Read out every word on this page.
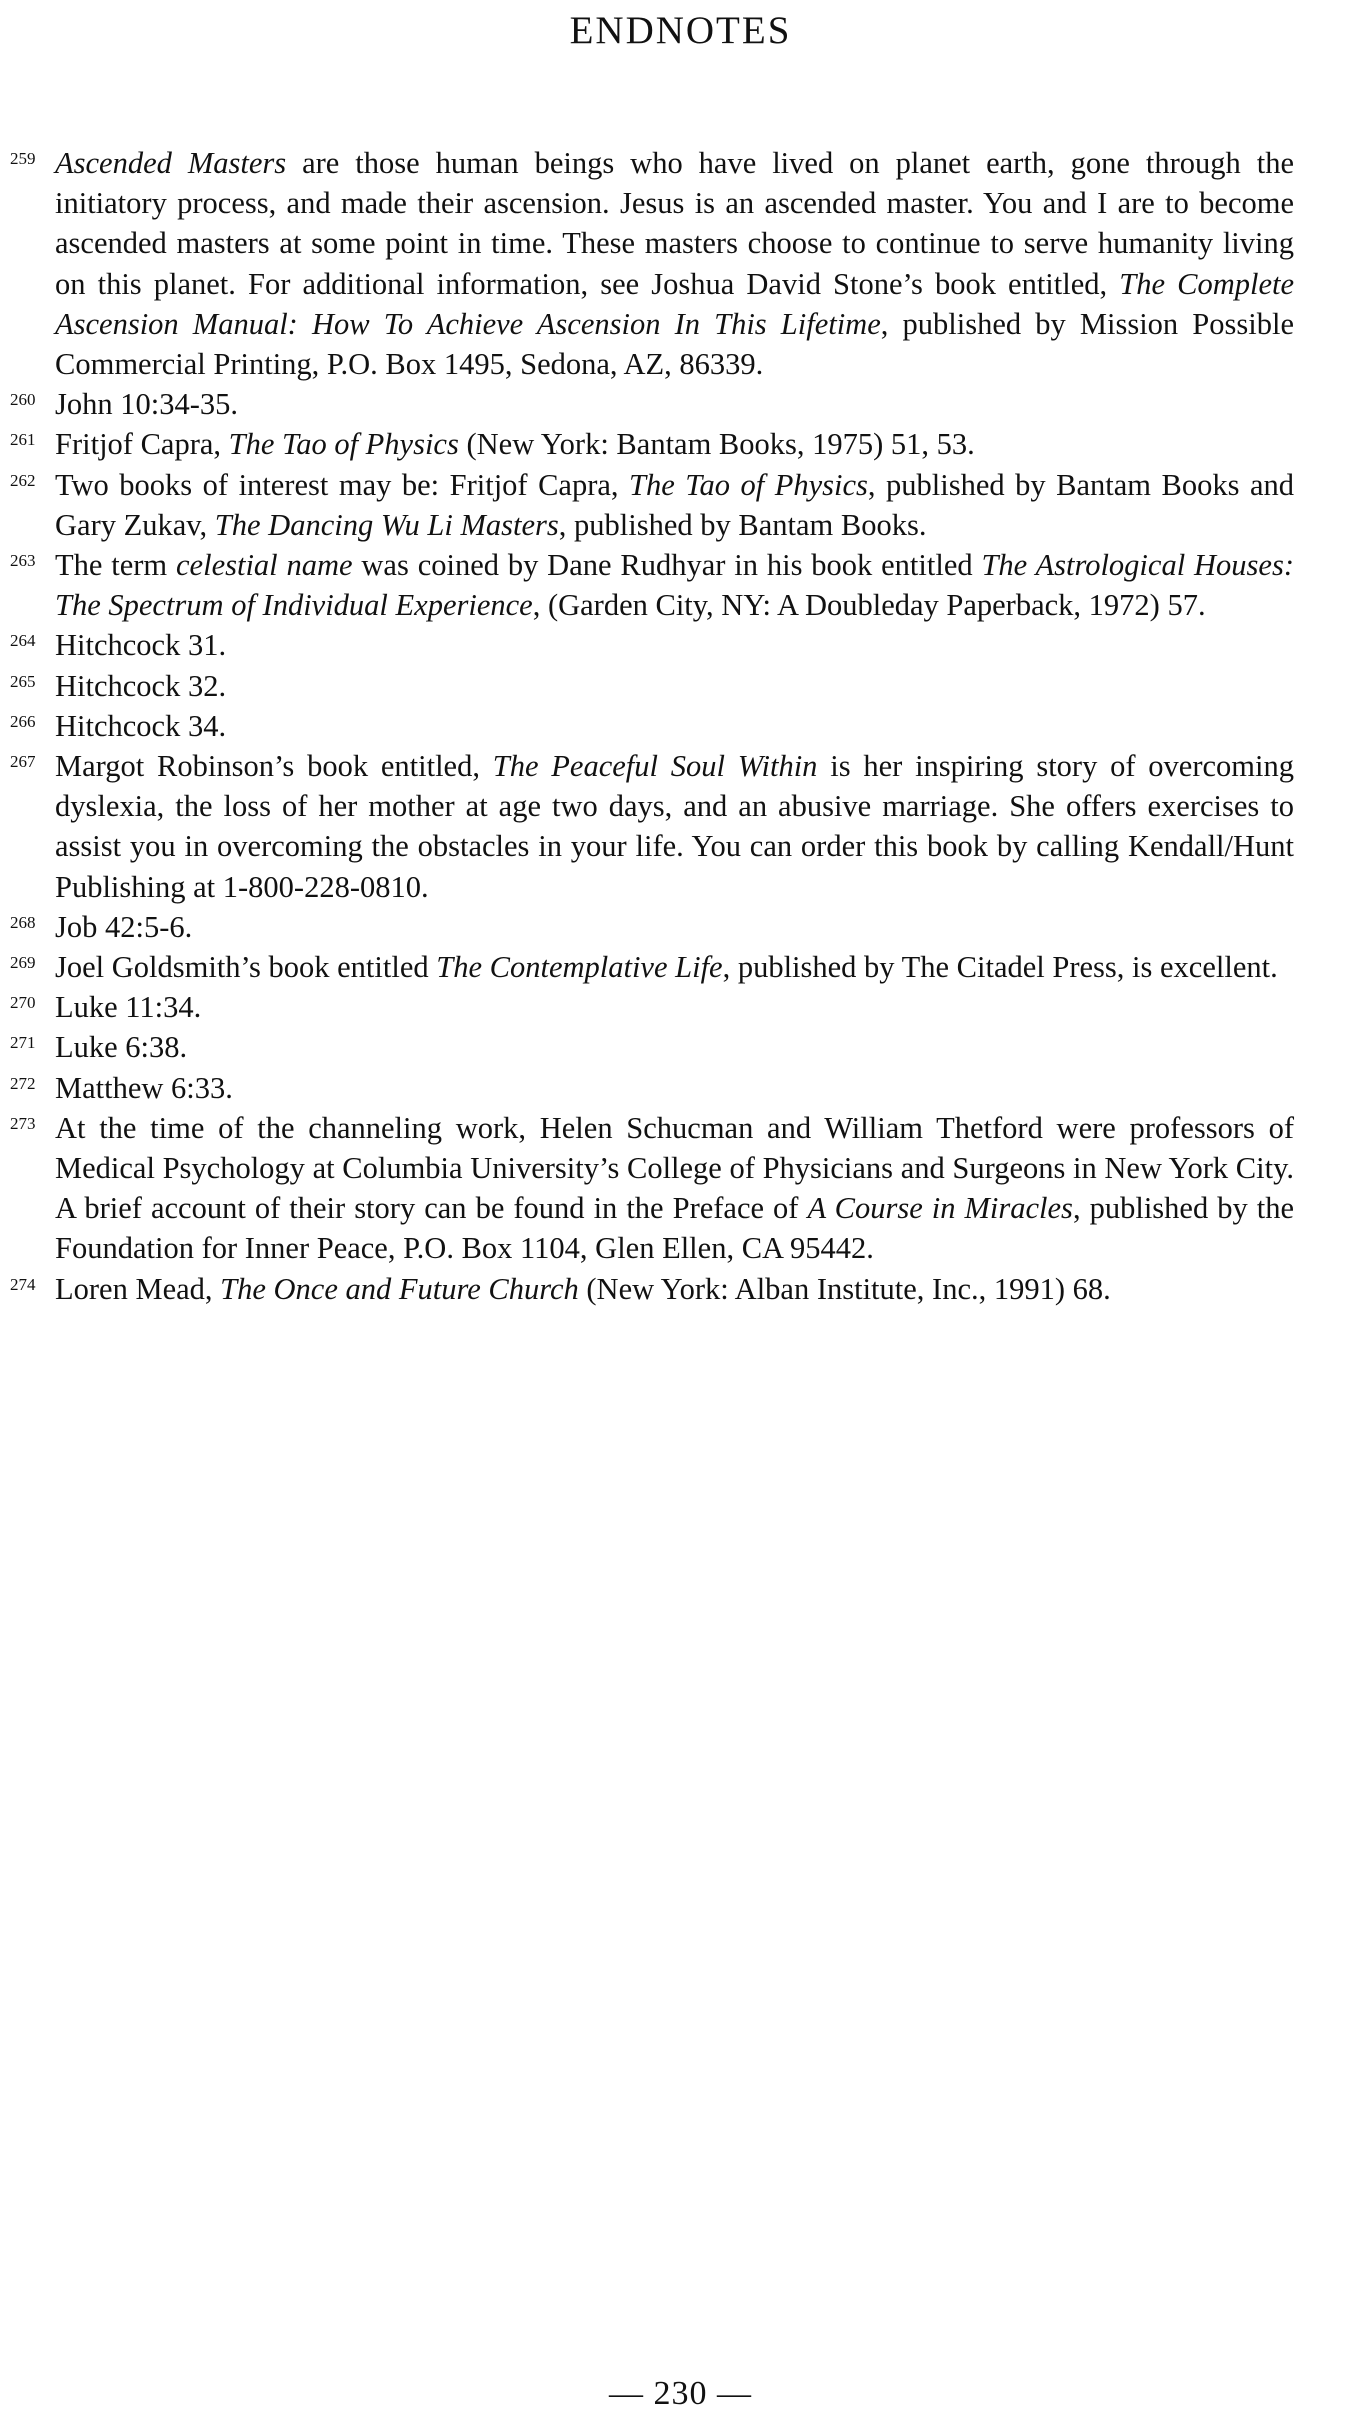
ENDNOTES
259 Ascended Masters are those human beings who have lived on planet earth, gone through the initiatory process, and made their ascension. Jesus is an ascended master. You and I are to become ascended masters at some point in time. These masters choose to continue to serve humanity living on this planet. For additional information, see Joshua David Stone’s book entitled, The Complete Ascension Manual: How To Achieve Ascension In This Lifetime, published by Mission Possible Commercial Printing, P.O. Box 1495, Sedona, AZ, 86339.
260 John 10:34-35.
261 Fritjof Capra, The Tao of Physics (New York: Bantam Books, 1975) 51, 53.
262 Two books of interest may be: Fritjof Capra, The Tao of Physics, published by Bantam Books and Gary Zukav, The Dancing Wu Li Masters, published by Bantam Books.
263 The term celestial name was coined by Dane Rudhyar in his book entitled The Astrological Houses: The Spectrum of Individual Experience, (Garden City, NY: A Doubleday Paperback, 1972) 57.
264 Hitchcock 31.
265 Hitchcock 32.
266 Hitchcock 34.
267 Margot Robinson’s book entitled, The Peaceful Soul Within is her inspiring story of overcoming dyslexia, the loss of her mother at age two days, and an abusive marriage. She offers exercises to assist you in overcoming the obstacles in your life. You can order this book by calling Kendall/Hunt Publishing at 1-800-228-0810.
268 Job 42:5-6.
269 Joel Goldsmith’s book entitled The Contemplative Life, published by The Citadel Press, is excellent.
270 Luke 11:34.
271 Luke 6:38.
272 Matthew 6:33.
273 At the time of the channeling work, Helen Schucman and William Thetford were professors of Medical Psychology at Columbia University’s College of Physicians and Surgeons in New York City. A brief account of their story can be found in the Preface of A Course in Miracles, published by the Foundation for Inner Peace, P.O. Box 1104, Glen Ellen, CA 95442.
274 Loren Mead, The Once and Future Church (New York: Alban Institute, Inc., 1991) 68.
— 230 —
